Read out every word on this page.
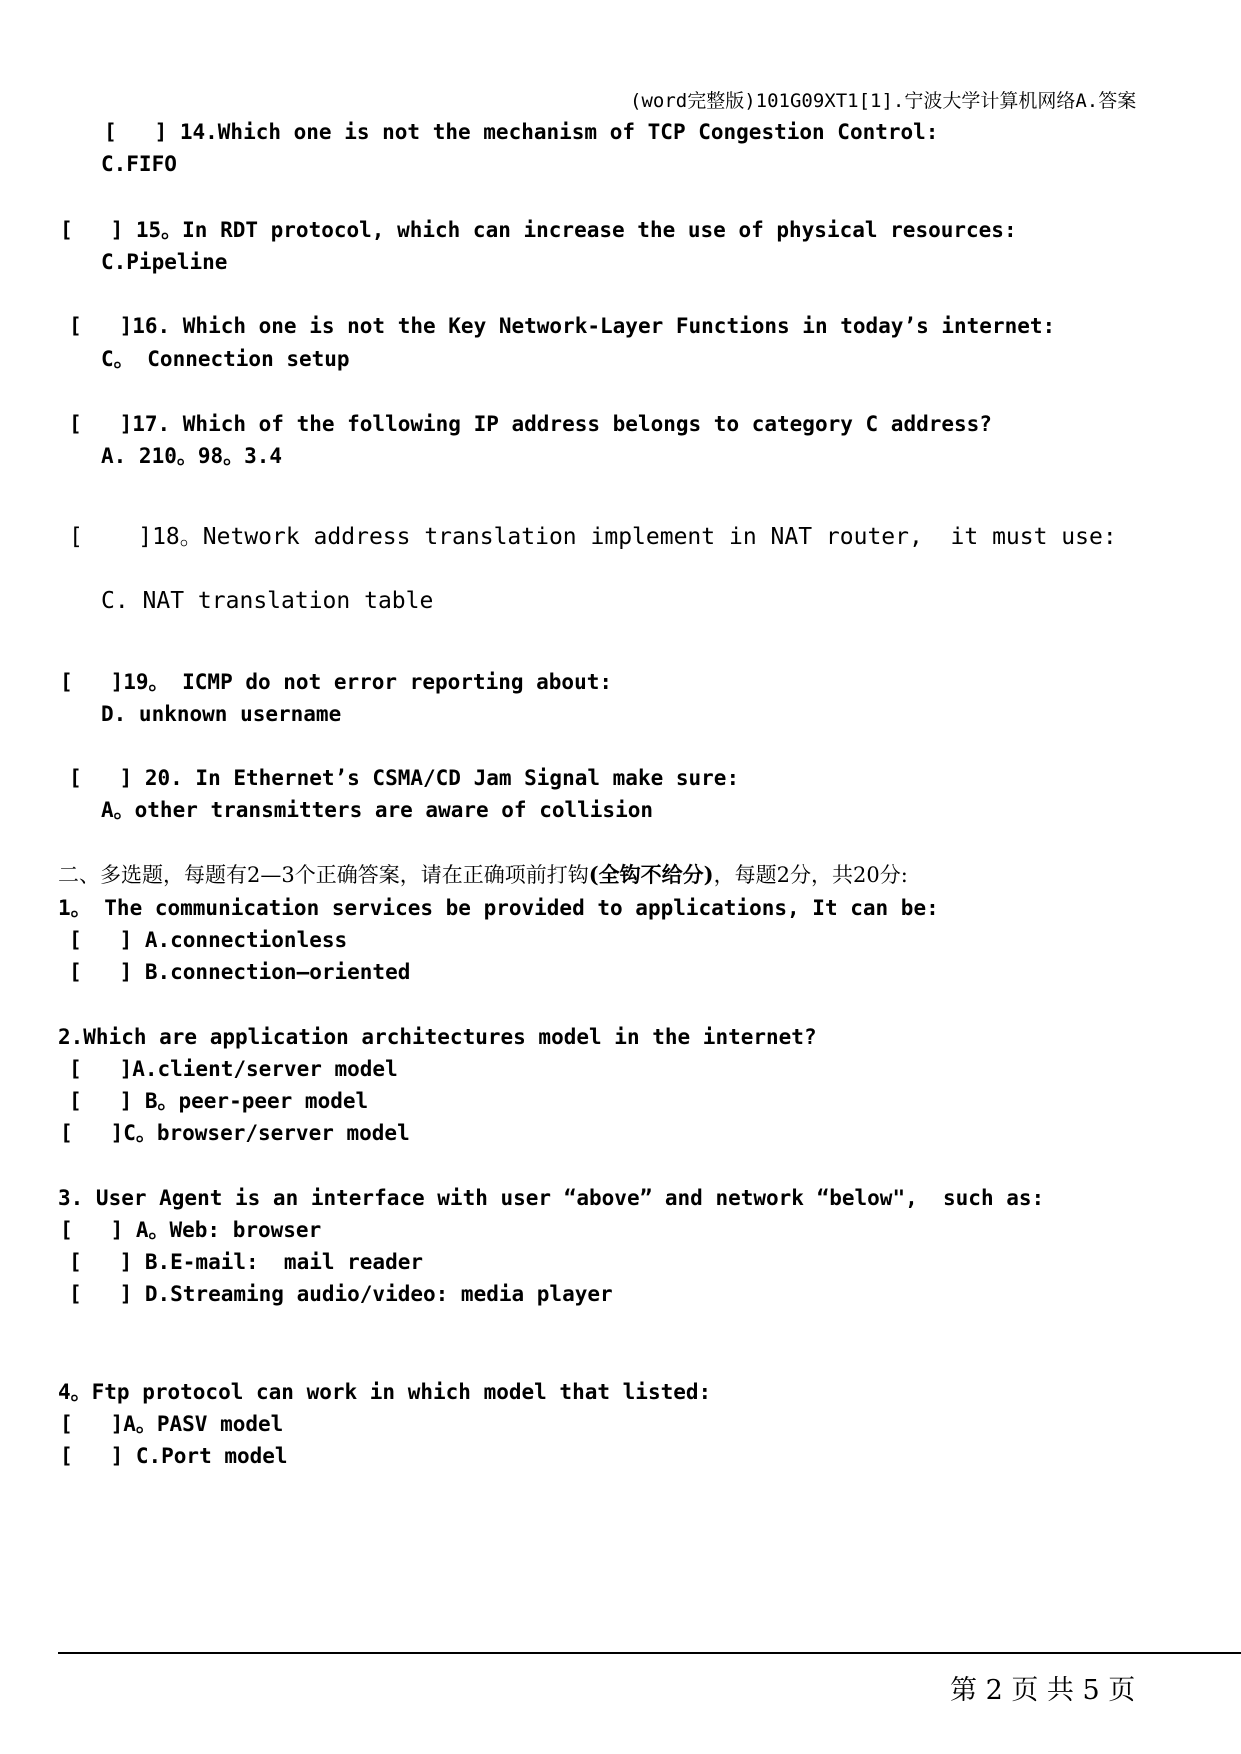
(word完整版)101G09XT1[1].宁波大学计算机网络A.答案
[   ] 14.Which one is not the mechanism of TCP Congestion Control:
C.FIFO
[   ] 15。In RDT protocol, which can increase the use of physical resources:
C.Pipeline
[   ]16. Which one is not the Key Network-Layer Functions in today’s internet:
C。 Connection setup
[   ]17. Which of the following IP address belongs to category C address?
A. 210。98。3.4
[    ]18。Network address translation implement in NAT router,  it must use:
C. NAT translation table
[   ]19。 ICMP do not error reporting about:
D. unknown username
[   ] 20. In Ethernet’s CSMA/CD Jam Signal make sure:
A。other transmitters are aware of collision
二、多选题，每题有2—3个正确答案，请在正确项前打钩(全钩不给分)，每题2分，共20分:
1。 The communication services be provided to applications, It can be:
[   ] A.connectionless
[   ] B.connection—oriented
2.Which are application architectures model in the internet?
[   ]A.client/server model
[   ] B。peer-peer model
[   ]C。browser/server model
3. User Agent is an interface with user “above” and network “below",  such as:
[   ] A。Web: browser
[   ] B.E-mail:  mail reader
[   ] D.Streaming audio/video: media player
4。Ftp protocol can work in which model that listed:
[   ]A。PASV model
[   ] C.Port model
第 2 页 共 5 页
